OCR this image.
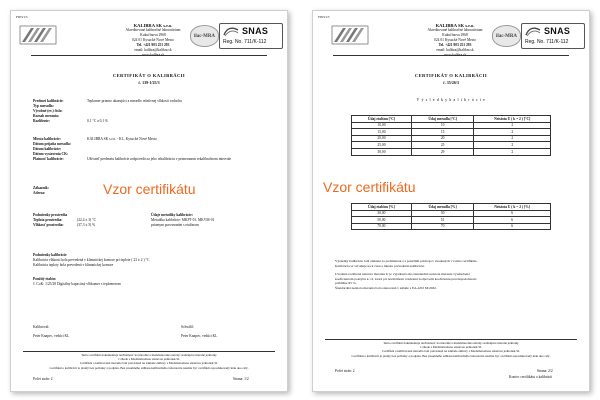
F003/1/5
KALIBRA SK s.r.o.
Akreditované kalibračné laboratórium
Kukučínova 2968
024 01 Kysucké Nové Mesto
Tel. +421 903 251 293
email: kalibra@kalibra.sk
www.kalibra.sk
ilac-MRA	SNAS
Reg. No. 711/K-112
CERTIFIKÁT O KALIBRÁCII
č. 139-1/25/3
Predmet kalibrácie:	Teplomer priamo ukazujúci a meradlo relatívnej vlhkosti vzduchu
Typ meradla:
Výrobné (ev.) číslo:
Rozsah merania:
Rozlíšenie:	0,1 °C a 0,1 %
Miesto kalibrácie:	KALIBRA SK s.r.o. - KL, Kysucké Nové Mesto
Dátum prijatia meradla:
Dátum kalibrácie:
Dátum vystavenia CK:
Platnosť kalibrácie:	Užívateľ predmetu kalibrácie zodpovedá za jeho rekalibráciu v primeranom rekalibračnom intervale
Zákazník:
Adresa:	Vzor certifikátu
Podmienky prostredia
Teplota prostredia:	(22,4 ± 3) °C
Vlhkosť prostredia:	(37,3 ± 5) %
Údaje metodiky kalibrácie:
Metodika kalibrácie: MKPT-01, MKVM-01
priamym porovnaním s etalónom
Podmienky kalibrácie
Kalibrácia vlhkosti bola prevedená v klimatickej komore pri teplote ( 23 ± 2 ) °C
Kalibrácia teploty bola prevedená v klimatickej komore
Použitý etalón:
č. CoK: 1/25/28 Digitálny kapacitný vlhkomer s teplomerom
Kalibroval:
Peter Knapec, vedúci KL
Schválil:
Peter Knapec, vedúci KL
Tento certifikát dokumentuje nadväznosť na národné a medzinárodné etalóny realizujúce merané jednotky
v zhode s Medzinárodnou sústavou jednotiek SI.
Certifikát a kalibrované meradlo boli prevedené na základe zmluvy s Medzinárodnou sústavou jednotiek SI.
Certifikát o kalibrácii je platný bez pečiatky a podpisu. Bez písomného súhlasu kalibračného laboratória nesmie byť certifikát reprodukovaný inak ako celý.
Počet strán: 2	Strana: 1/2
F003/1/5
KALIBRA SK s.r.o.
Akreditované kalibračné laboratórium
Kukučínova 2968
024 01 Kysucké Nové Mesto
Tel. +421 903 251 293
email: kalibra@kalibra.sk
www.kalibra.sk
ilac-MRA	SNAS
Reg. No. 711/K-112
CERTIFIKÁT O KALIBRÁCII
č. 35/26/3
V ý s l e d k y k a l i b r á c i e
Údaj etalónu [°C]	Údaj meradla [°C]	Neistota U ( k = 2 ) [°C]
10,00	10	2
15,00	15	2
20,00	20	2
25,00	25	2
30,00	29	2
Vzor certifikátu
Údaj etalónu [%]	Údaj meradla [%]	Neistota U ( k = 2 ) [%]
30,00	30	6
50,00	51	6
70,00	70	6
Výsledky kalibrácie boli získané za podmienok a s použitím prístrojov uvedených v tomto certifikáte.
Kalibrácia sa vzťahuje na k času a miestu prevedenia kalibrácie.
Uvedená rozšírená neistota merania U je vyjadrená ako štandardná neistota merania vynásobená
koeficientom pokrytia k =2, ktorá pri normálnom rozdelení zodpovedá koeficientu pravdepodobnosti
približne 95 %.
Štandardná neistota merania bola stanovená v súlade s EA-4/02 M:2022.
Tento certifikát dokumentuje nadväznosť na národné a medzinárodné etalóny realizujúce merané jednotky
v zhode s Medzinárodnou sústavou jednotiek SI.
Certifikát a kalibrované meradlo boli prevedené na základe zmluvy s Medzinárodnou sústavou jednotiek SI.
Certifikát o kalibrácii je platný bez pečiatky a podpisu. Bez písomného súhlasu kalibračného laboratória nesmie byť certifikát reprodukovaný inak ako celý.
Počet strán: 2	Strana: 2/2
Koniec certifikátu o kalibrácii
